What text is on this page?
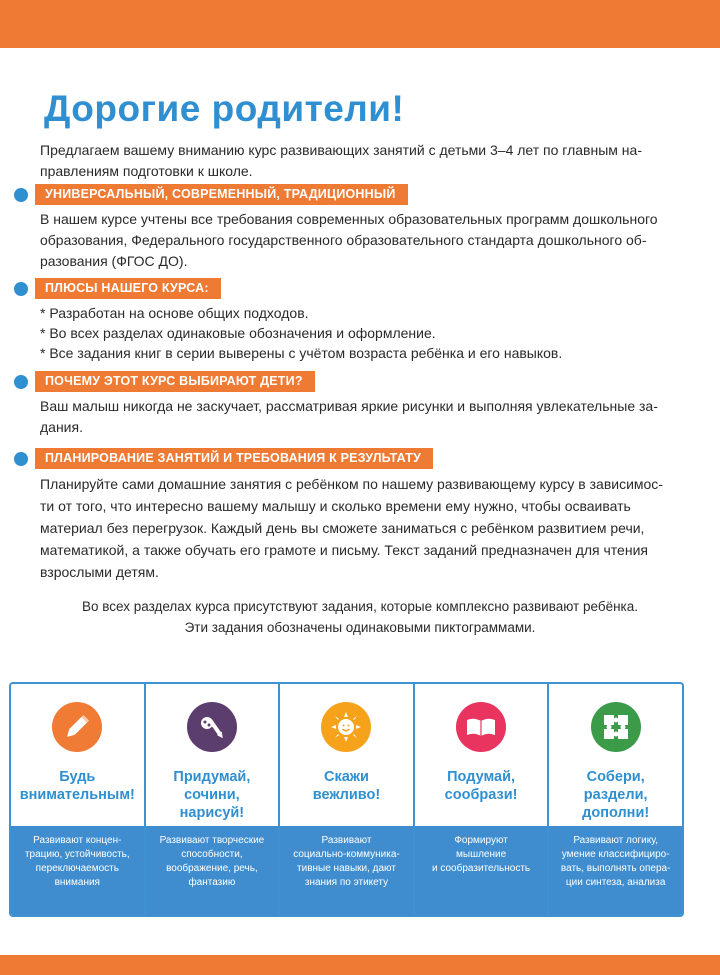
Дорогие родители!
Предлагаем вашему вниманию курс развивающих занятий с детьми 3–4 лет по главным на-
правлениям подготовки к школе.
УНИВЕРСАЛЬНЫЙ, СОВРЕМЕННЫЙ, ТРАДИЦИОННЫЙ
В нашем курсе учтены все требования современных образовательных программ дошкольного
образования, Федерального государственного образовательного стандарта дошкольного об-
разования (ФГОС ДО).
ПЛЮСЫ НАШЕГО КУРСА:
* Разработан на основе общих подходов.
* Во всех разделах одинаковые обозначения и оформление.
* Все задания книг в серии выверены с учётом возраста ребёнка и его навыков.
ПОЧЕМУ ЭТОТ КУРС ВЫБИРАЮТ ДЕТИ?
Ваш малыш никогда не заскучает, рассматривая яркие рисунки и выполняя увлекательные за-
дания.
ПЛАНИРОВАНИЕ ЗАНЯТИЙ И ТРЕБОВАНИЯ К РЕЗУЛЬТАТУ
Планируйте сами домашние занятия с ребёнком по нашему развивающему курсу в зависимос-
ти от того, что интересно вашему малышу и сколько времени ему нужно, чтобы осваивать
материал без перегрузок. Каждый день вы сможете заниматься с ребёнком развитием речи,
математикой, а также обучать его грамоте и письму. Текст заданий предназначен для чтения
взрослыми детям.
Во всех разделах курса присутствуют задания, которые комплексно развивают ребёнка.
Эти задания обозначены одинаковыми пиктограммами.
Будь
внимательным!
Развивают концен-
трацию, устойчивость,
переключаемость
внимания
Придумай,
сочини,
нарисуй!
Развивают творческие
способности,
воображение, речь,
фантазию
Скажи
вежливо!
Развивают
социально-коммуника-
тивные навыки, дают
знания по этикету
Подумай,
сообрази!
Формируют
мышление
и сообразительность
Собери,
раздели,
дополни!
Развивают логику,
умение классифициро-
вать, выполнять опера-
ции синтеза, анализа
